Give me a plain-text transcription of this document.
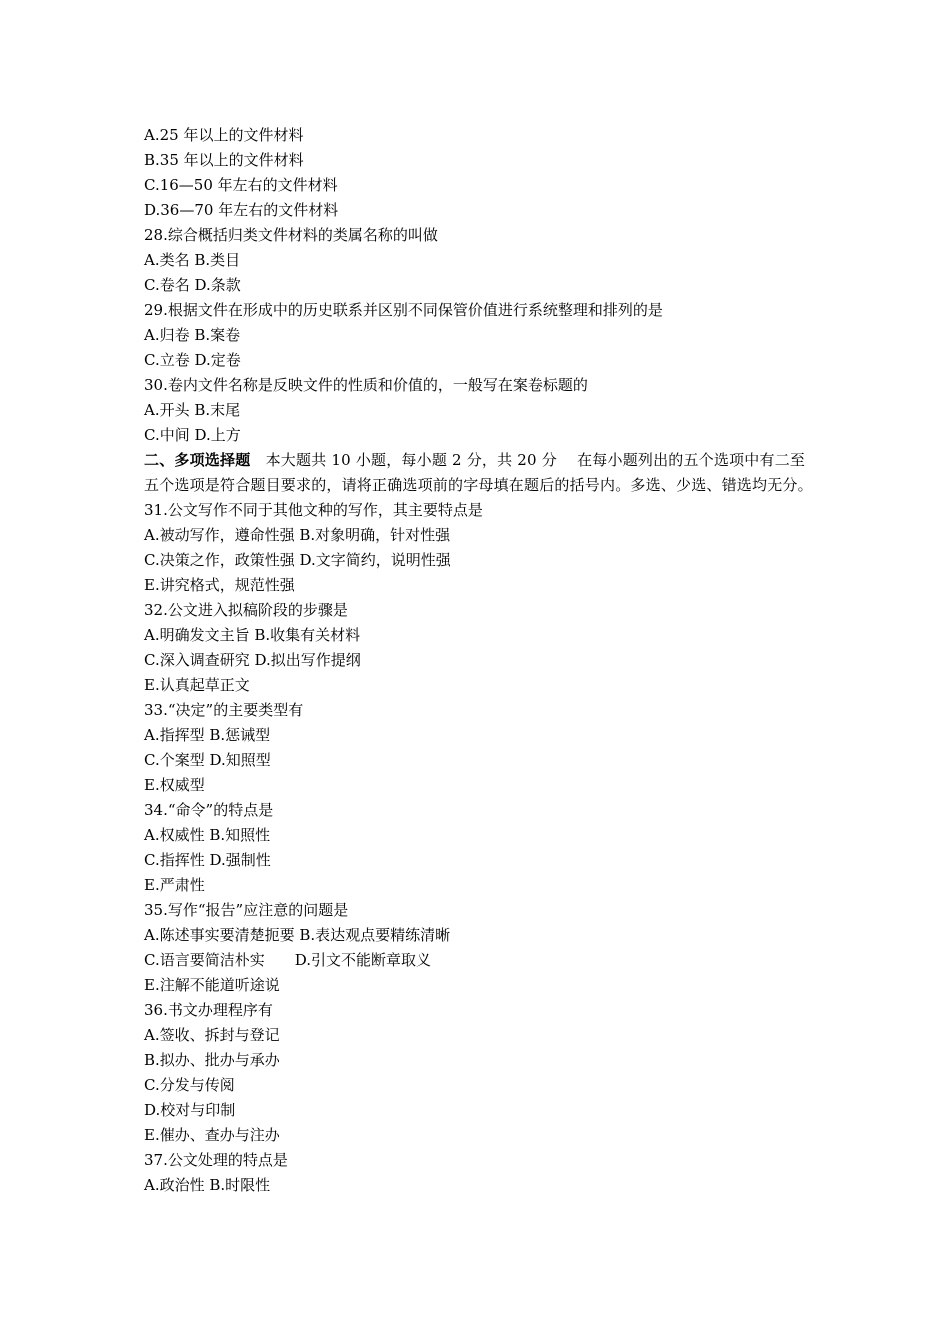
A.25 年以上的文件材料
B.35 年以上的文件材料
C.16—50 年左右的文件材料
D.36—70 年左右的文件材料
28.综合概括归类文件材料的类属名称的叫做
A.类名 B.类目
C.卷名 D.条款
29.根据文件在形成中的历史联系并区别不同保管价值进行系统整理和排列的是
A.归卷 B.案卷
C.立卷 D.定卷
30.卷内文件名称是反映文件的性质和价值的，一般写在案卷标题的
A.开头 B.末尾
C.中间 D.上方

二、多项选择题　本大题共 10 小题，每小题 2 分，共 20 分　 在每小题列出的五个选项中有二至五个选项是符合题目要求的，请将正确选项前的字母填在题后的括号内。多选、少选、错选均无分。

31.公文写作不同于其他文种的写作，其主要特点是
A.被动写作，遵命性强 B.对象明确，针对性强
C.决策之作，政策性强 D.文字简约，说明性强
E.讲究格式，规范性强
32.公文进入拟稿阶段的步骤是
A.明确发文主旨 B.收集有关材料
C.深入调查研究 D.拟出写作提纲
E.认真起草正文
33.“决定”的主要类型有
A.指挥型 B.惩诫型
C.个案型 D.知照型
E.权威型
34.“命令”的特点是
A.权威性 B.知照性
C.指挥性 D.强制性
E.严肃性
35.写作“报告”应注意的问题是
A.陈述事实要清楚扼要 B.表达观点要精练清晰
C.语言要简洁朴实　　D.引文不能断章取义
E.注解不能道听途说
36.书文办理程序有
A.签收、拆封与登记
B.拟办、批办与承办
C.分发与传阅
D.校对与印制
E.催办、查办与注办
37.公文处理的特点是
A.政治性 B.时限性
